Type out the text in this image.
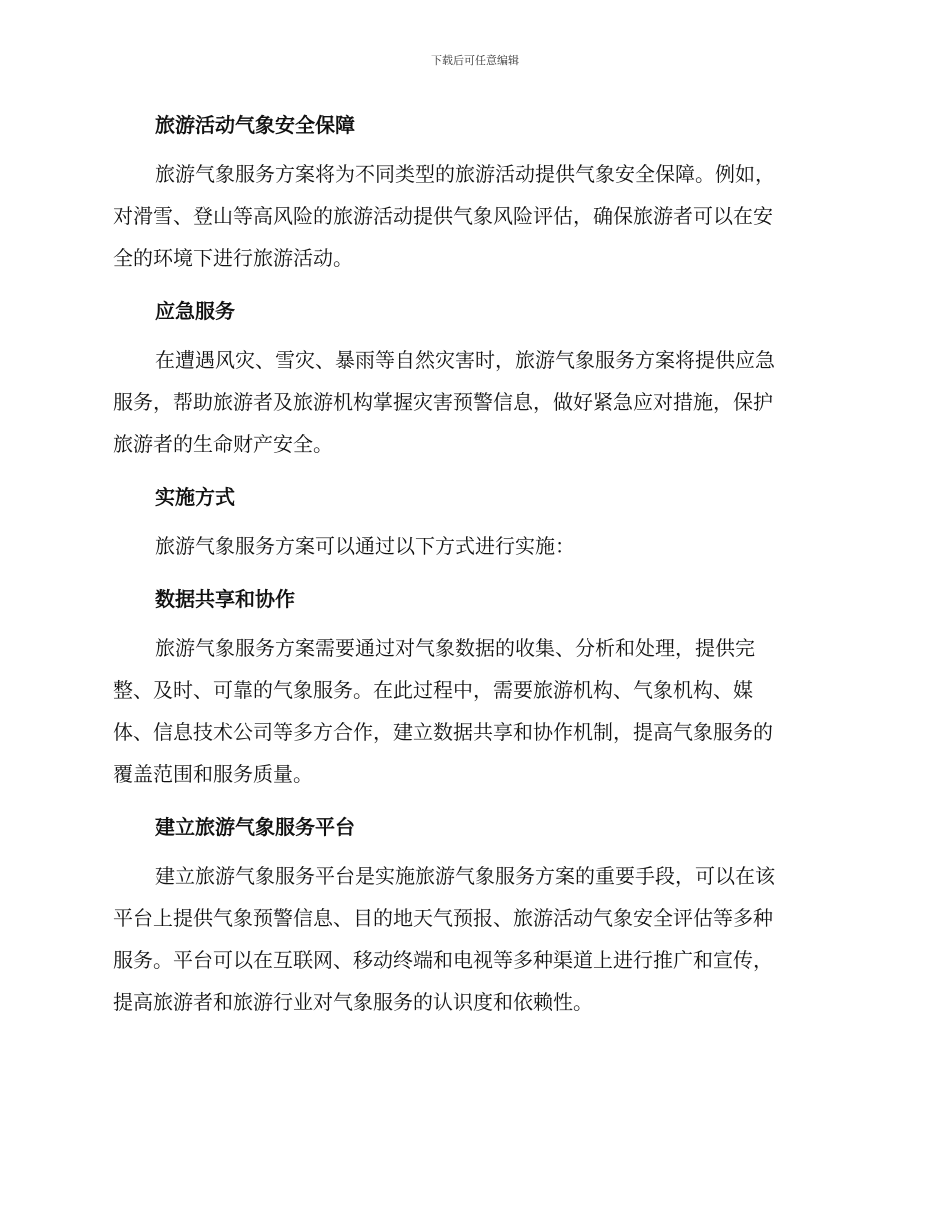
下载后可任意编辑
旅游活动气象安全保障
旅游气象服务方案将为不同类型的旅游活动提供气象安全保障。例如，
对滑雪、登山等高风险的旅游活动提供气象风险评估，确保旅游者可以在安
全的环境下进行旅游活动。
应急服务
在遭遇风灾、雪灾、暴雨等自然灾害时，旅游气象服务方案将提供应急
服务，帮助旅游者及旅游机构掌握灾害预警信息，做好紧急应对措施，保护
旅游者的生命财产安全。
实施方式
旅游气象服务方案可以通过以下方式进行实施：
数据共享和协作
旅游气象服务方案需要通过对气象数据的收集、分析和处理，提供完
整、及时、可靠的气象服务。在此过程中，需要旅游机构、气象机构、媒
体、信息技术公司等多方合作，建立数据共享和协作机制，提高气象服务的
覆盖范围和服务质量。
建立旅游气象服务平台
建立旅游气象服务平台是实施旅游气象服务方案的重要手段，可以在该
平台上提供气象预警信息、目的地天气预报、旅游活动气象安全评估等多种
服务。平台可以在互联网、移动终端和电视等多种渠道上进行推广和宣传，
提高旅游者和旅游行业对气象服务的认识度和依赖性。
